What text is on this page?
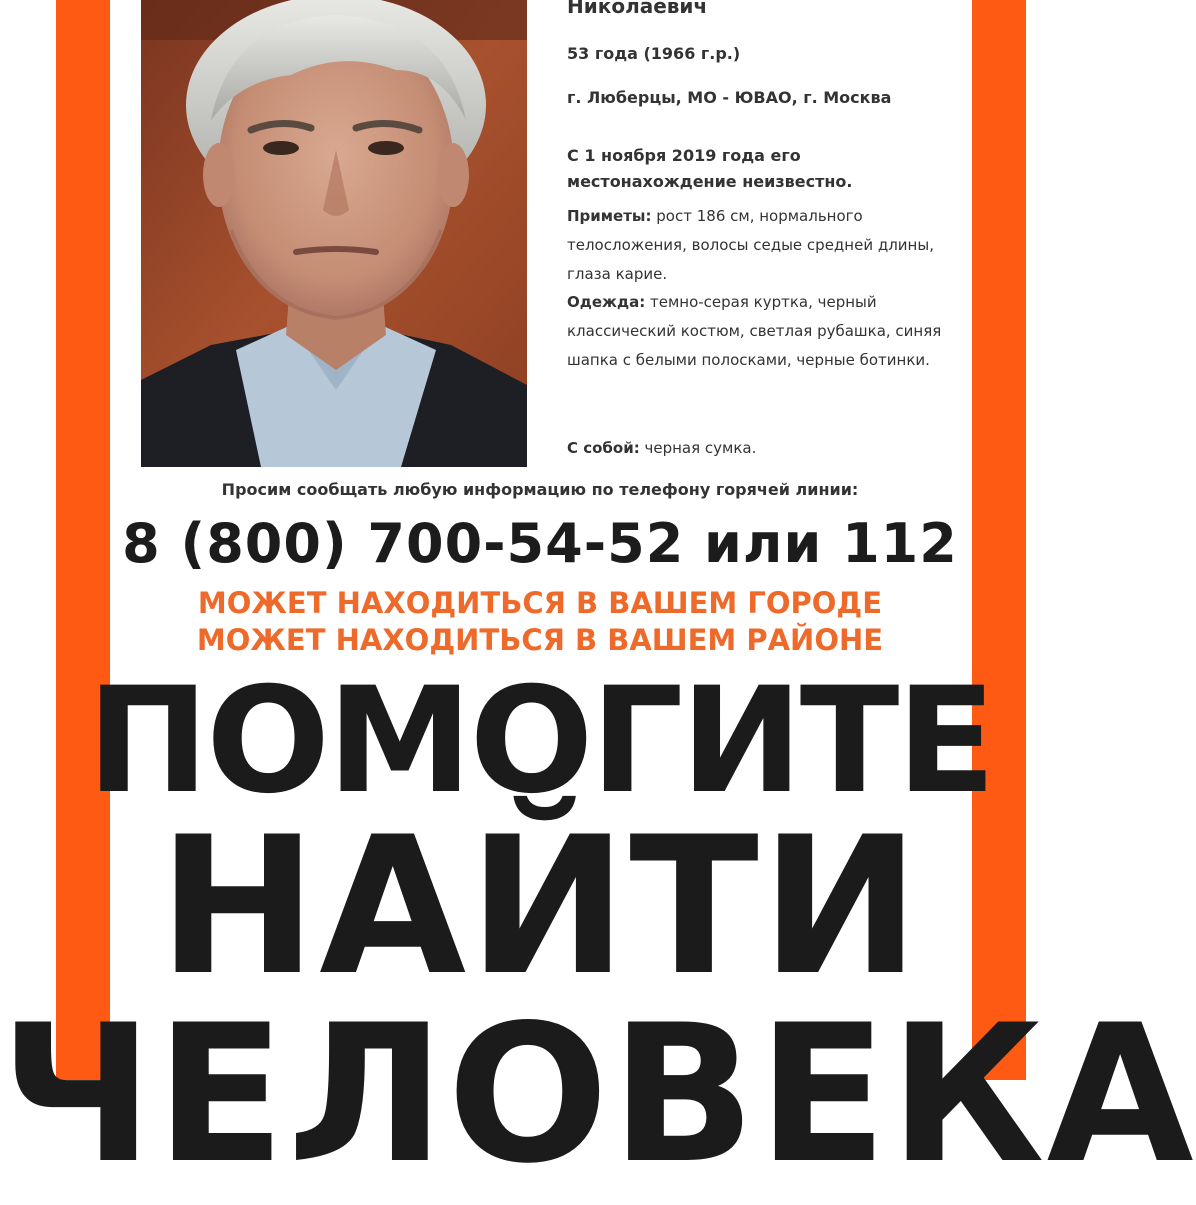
Николаевич
53 года (1966 г.р.)
г. Люберцы, МО - ЮВАО, г. Москва
С 1 ноября 2019 года его местонахождение неизвестно.
Приметы: рост 186 см, нормального телосложения, волосы седые средней длины, глаза карие.
Одежда: темно-серая куртка, черный классический костюм, светлая рубашка, синяя шапка с белыми полосками, черные ботинки.
С собой: черная сумка.
Просим сообщать любую информацию по телефону горячей линии:
8 (800) 700-54-52 или 112
МОЖЕТ НАХОДИТЬСЯ В ВАШЕМ ГОРОДЕ
МОЖЕТ НАХОДИТЬСЯ В ВАШЕМ РАЙОНЕ
ПОМОГИТЕ
НАЙТИ
ЧЕЛОВЕКА
